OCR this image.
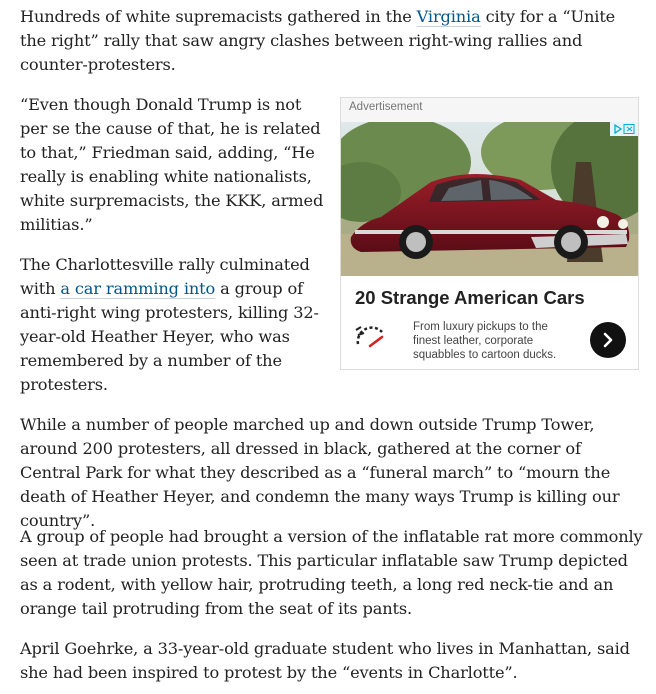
Hundreds of white supremacists gathered in the Virginia city for a “Unite the right” rally that saw angry clashes between right-wing rallies and counter-protesters.

“Even though Donald Trump is not per se the cause of that, he is related to that,” Friedman said, adding, “He really is enabling white nationalists, white surpremacists, the KKK, armed militias.”

The Charlottesville rally culminated with a car ramming into a group of anti-right wing protesters, killing 32-year-old Heather Heyer, who was remembered by a number of the protesters.

While a number of people marched up and down outside Trump Tower, around 200 protesters, all dressed in black, gathered at the corner of Central Park for what they described as a “funeral march” to “mourn the death of Heather Heyer, and condemn the many ways Trump is killing our country”.

A group of people had brought a version of the inflatable rat more commonly seen at trade union protests. This particular inflatable saw Trump depicted as a rodent, with yellow hair, protruding teeth, a long red neck-tie and an orange tail protruding from the seat of its pants.

April Goehrke, a 33-year-old graduate student who lives in Manhattan, said she had been inspired to protest by the “events in Charlotte”.

Advertisement
20 Strange American Cars
From luxury pickups to the finest leather, corporate squabbles to cartoon ducks.
